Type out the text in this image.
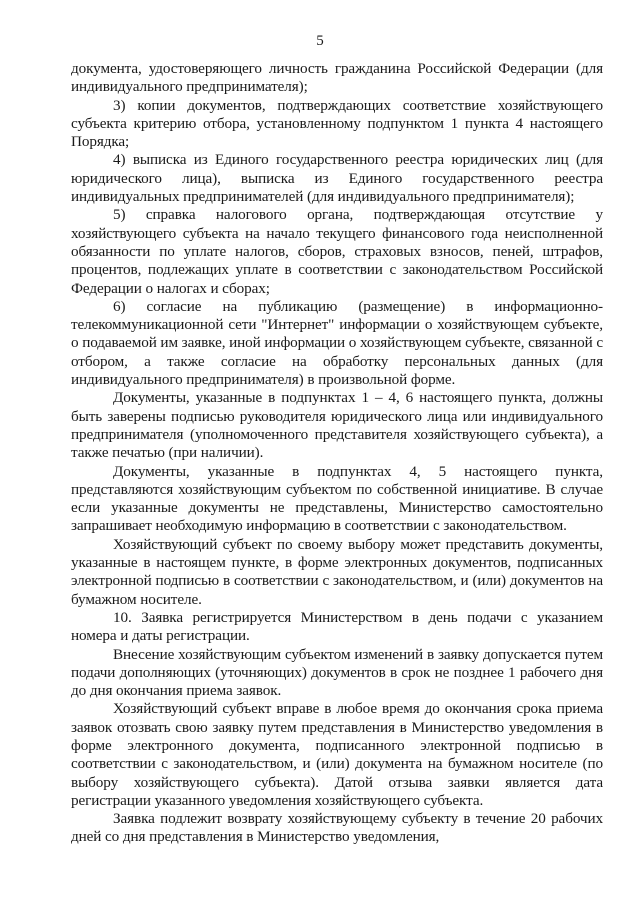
5

документа, удостоверяющего личность гражданина Российской Федерации (для индивидуального предпринимателя);

3) копии документов, подтверждающих соответствие хозяйствующего субъекта критерию отбора, установленному подпунктом 1 пункта 4 настоящего Порядка;

4) выписка из Единого государственного реестра юридических лиц (для юридического лица), выписка из Единого государственного реестра индивидуальных предпринимателей (для индивидуального предпринимателя);

5) справка налогового органа, подтверждающая отсутствие у хозяйствующего субъекта на начало текущего финансового года неисполненной обязанности по уплате налогов, сборов, страховых взносов, пеней, штрафов, процентов, подлежащих уплате в соответствии с законодательством Российской Федерации о налогах и сборах;

6) согласие на публикацию (размещение) в информационно-телекоммуникационной сети "Интернет" информации о хозяйствующем субъекте, о подаваемой им заявке, иной информации о хозяйствующем субъекте, связанной с отбором, а также согласие на обработку персональных данных (для индивидуального предпринимателя) в произвольной форме.

Документы, указанные в подпунктах 1 – 4, 6 настоящего пункта, должны быть заверены подписью руководителя юридического лица или индивидуального предпринимателя (уполномоченного представителя хозяйствующего субъекта), а также печатью (при наличии).

Документы, указанные в подпунктах 4, 5 настоящего пункта, представляются хозяйствующим субъектом по собственной инициативе. В случае если указанные документы не представлены, Министерство самостоятельно запрашивает необходимую информацию в соответствии с законодательством.

Хозяйствующий субъект по своему выбору может представить документы, указанные в настоящем пункте, в форме электронных документов, подписанных электронной подписью в соответствии с законодательством, и (или) документов на бумажном носителе.

10. Заявка регистрируется Министерством в день подачи с указанием номера и даты регистрации.

Внесение хозяйствующим субъектом изменений в заявку допускается путем подачи дополняющих (уточняющих) документов в срок не позднее 1 рабочего дня до дня окончания приема заявок.

Хозяйствующий субъект вправе в любое время до окончания срока приема заявок отозвать свою заявку путем представления в Министерство уведомления в форме электронного документа, подписанного электронной подписью в соответствии с законодательством, и (или) документа на бумажном носителе (по выбору хозяйствующего субъекта). Датой отзыва заявки является дата регистрации указанного уведомления хозяйствующего субъекта.

Заявка подлежит возврату хозяйствующему субъекту в течение 20 рабочих дней со дня представления в Министерство уведомления,
